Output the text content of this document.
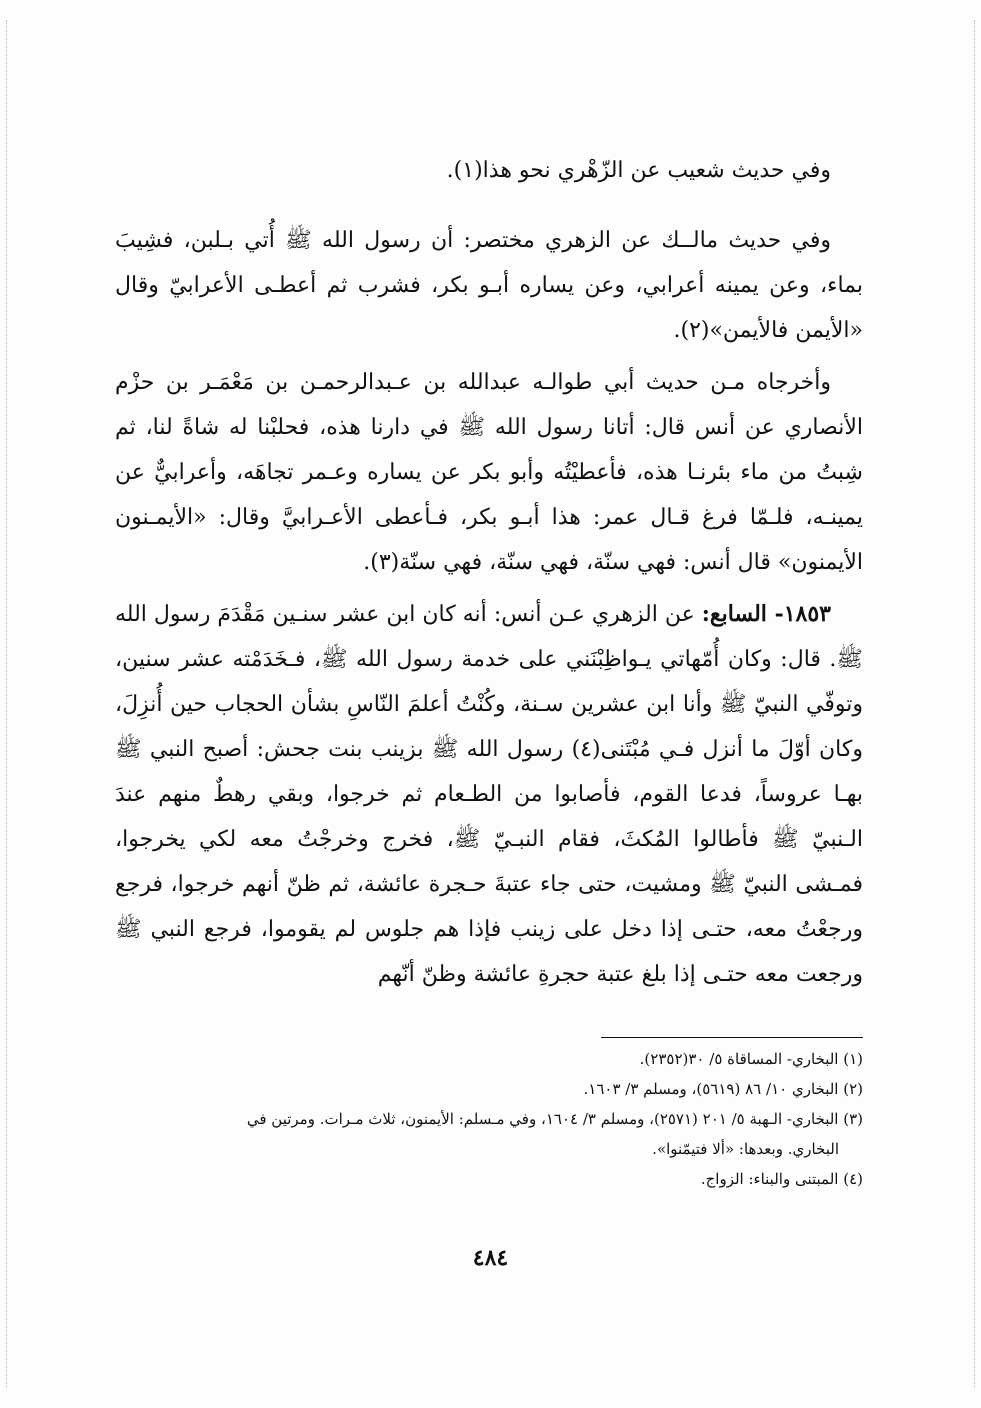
وفي حديث شعيب عن الزّهْري نحو هذا(١).

وفي حديث مالــك عن الزهري مختصر: أن رسول الله ﷺ أُتي بـلبن، فشِيبَ بماء، وعن يمينه أعرابي، وعن يساره أبـو بكر، فشرب ثم أعطـى الأعرابيّ وقال «الأيمن فالأيمن»(٢).

وأخرجاه مـن حديث أبي طوالـه عبدالله بن عـبدالرحمـن بن مَعْمَـر بن حزْم الأنصاري عن أنس قال: أتانا رسول الله ﷺ في دارنا هذه، فحلبْنا له شاةً لنا، ثم شِبتُ من ماء بئرنـا هذه، فأعطيْتُه وأبو بكر عن يساره وعـمر تجاهَه، وأعرابيٌّ عن يمينـه، فلـمّا فرغ قـال عمر: هذا أبـو بكر، فـأعطى الأعـرابيَّ وقال: «الأيمـنون الأيمنون» قال أنس: فهي سنّة، فهي سنّة، فهي سنّة(٣).

١٨٥٣- السابع: عن الزهري عـن أنس: أنه كان ابن عشر سنـين مَقْدَمَ رسول الله ﷺ. قال: وكان أُمّهاتي يـواظِبْنَني على خدمة رسول الله ﷺ، فـخَدَمْته عشر سنين، وتوفّي النبيّ ﷺ وأنا ابن عشرين سـنة، وكُنْتُ أعلمَ النّاسِ بشأن الحجاب حين أُنزِلَ، وكان أوّلَ ما أنزل فـي مُبْتَنى(٤) رسول الله ﷺ بزينب بنت جحش: أصبح النبي ﷺ بهـا عروساً، فدعا القوم، فأصابوا من الطـعام ثم خرجوا، وبقي رهطٌ منهم عندَ الـنبيّ ﷺ فأطالوا المُكثَ، فقام النبـيّ ﷺ، فخرج وخرجْتُ معه لكي يخرجوا، فمـشى النبيّ ﷺ ومشيت، حتى جاء عتبةَ حـجرة عائشة، ثم ظنّ أنهم خرجوا، فرجع ورجعْتُ معه، حتـى إذا دخل على زينب فإذا هم جلوس لم يقوموا، فرجع النبي ﷺ ورجعت معه حتـى إذا بلغ عتبة حجرةِ عائشة وظنّ أنّهم

(١) البخاري- المساقاة ٥/ ٣٠(٢٣٥٢).

(٢) البخاري ١٠/ ٨٦ (٥٦١٩)، ومسلم ٣/ ١٦٠٣.

(٣) البخاري- الـهبة ٥/ ٢٠١ (٢٥٧١)، ومسلم ٣/ ١٦٠٤، وفي مـسلم: الأيمنون، ثلاث مـرات. ومرتين في

البخاري. وبعدها: «ألا فتيمّنوا».

(٤) المبتنى والبناء: الزواج.

٤٨٤
